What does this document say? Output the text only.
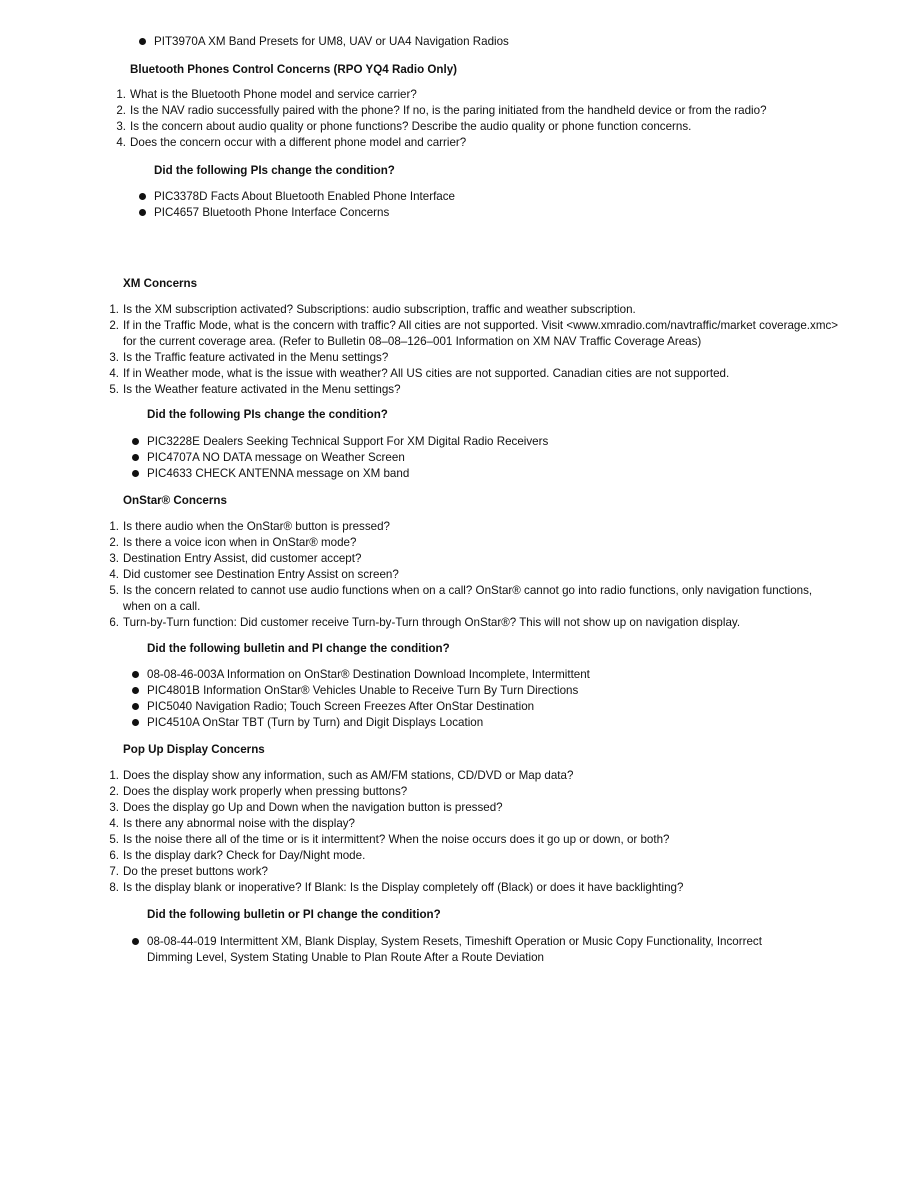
PIT3970A XM Band Presets for UM8, UAV or UA4 Navigation Radios
Bluetooth Phones Control Concerns (RPO YQ4 Radio Only)
1. What is the Bluetooth Phone model and service carrier?
2. Is the NAV radio successfully paired with the phone? If no, is the paring initiated from the handheld device or from the radio?
3. Is the concern about audio quality or phone functions? Describe the audio quality or phone function concerns.
4. Does the concern occur with a different phone model and carrier?
Did the following PIs change the condition?
PIC3378D Facts About Bluetooth Enabled Phone Interface
PIC4657 Bluetooth Phone Interface Concerns
XM Concerns
1. Is the XM subscription activated? Subscriptions: audio subscription, traffic and weather subscription.
2. If in the Traffic Mode, what is the concern with traffic? All cities are not supported. Visit <www.xmradio.com/navtraffic/market coverage.xmc> for the current coverage area. (Refer to Bulletin 08–08–126–001 Information on XM NAV Traffic Coverage Areas)
3. Is the Traffic feature activated in the Menu settings?
4. If in Weather mode, what is the issue with weather? All US cities are not supported. Canadian cities are not supported.
5. Is the Weather feature activated in the Menu settings?
Did the following PIs change the condition?
PIC3228E Dealers Seeking Technical Support For XM Digital Radio Receivers
PIC4707A NO DATA message on Weather Screen
PIC4633 CHECK ANTENNA message on XM band
OnStar® Concerns
1. Is there audio when the OnStar® button is pressed?
2. Is there a voice icon when in OnStar® mode?
3. Destination Entry Assist, did customer accept?
4. Did customer see Destination Entry Assist on screen?
5. Is the concern related to cannot use audio functions when on a call? OnStar® cannot go into radio functions, only navigation functions, when on a call.
6. Turn-by-Turn function: Did customer receive Turn-by-Turn through OnStar®? This will not show up on navigation display.
Did the following bulletin and PI change the condition?
08-08-46-003A Information on OnStar® Destination Download Incomplete, Intermittent
PIC4801B Information OnStar® Vehicles Unable to Receive Turn By Turn Directions
PIC5040 Navigation Radio; Touch Screen Freezes After OnStar Destination
PIC4510A OnStar TBT (Turn by Turn) and Digit Displays Location
Pop Up Display Concerns
1. Does the display show any information, such as AM/FM stations, CD/DVD or Map data?
2. Does the display work properly when pressing buttons?
3. Does the display go Up and Down when the navigation button is pressed?
4. Is there any abnormal noise with the display?
5. Is the noise there all of the time or is it intermittent? When the noise occurs does it go up or down, or both?
6. Is the display dark? Check for Day/Night mode.
7. Do the preset buttons work?
8. Is the display blank or inoperative? If Blank: Is the Display completely off (Black) or does it have backlighting?
Did the following bulletin or PI change the condition?
08-08-44-019 Intermittent XM, Blank Display, System Resets, Timeshift Operation or Music Copy Functionality, Incorrect Dimming Level, System Stating Unable to Plan Route After a Route Deviation
